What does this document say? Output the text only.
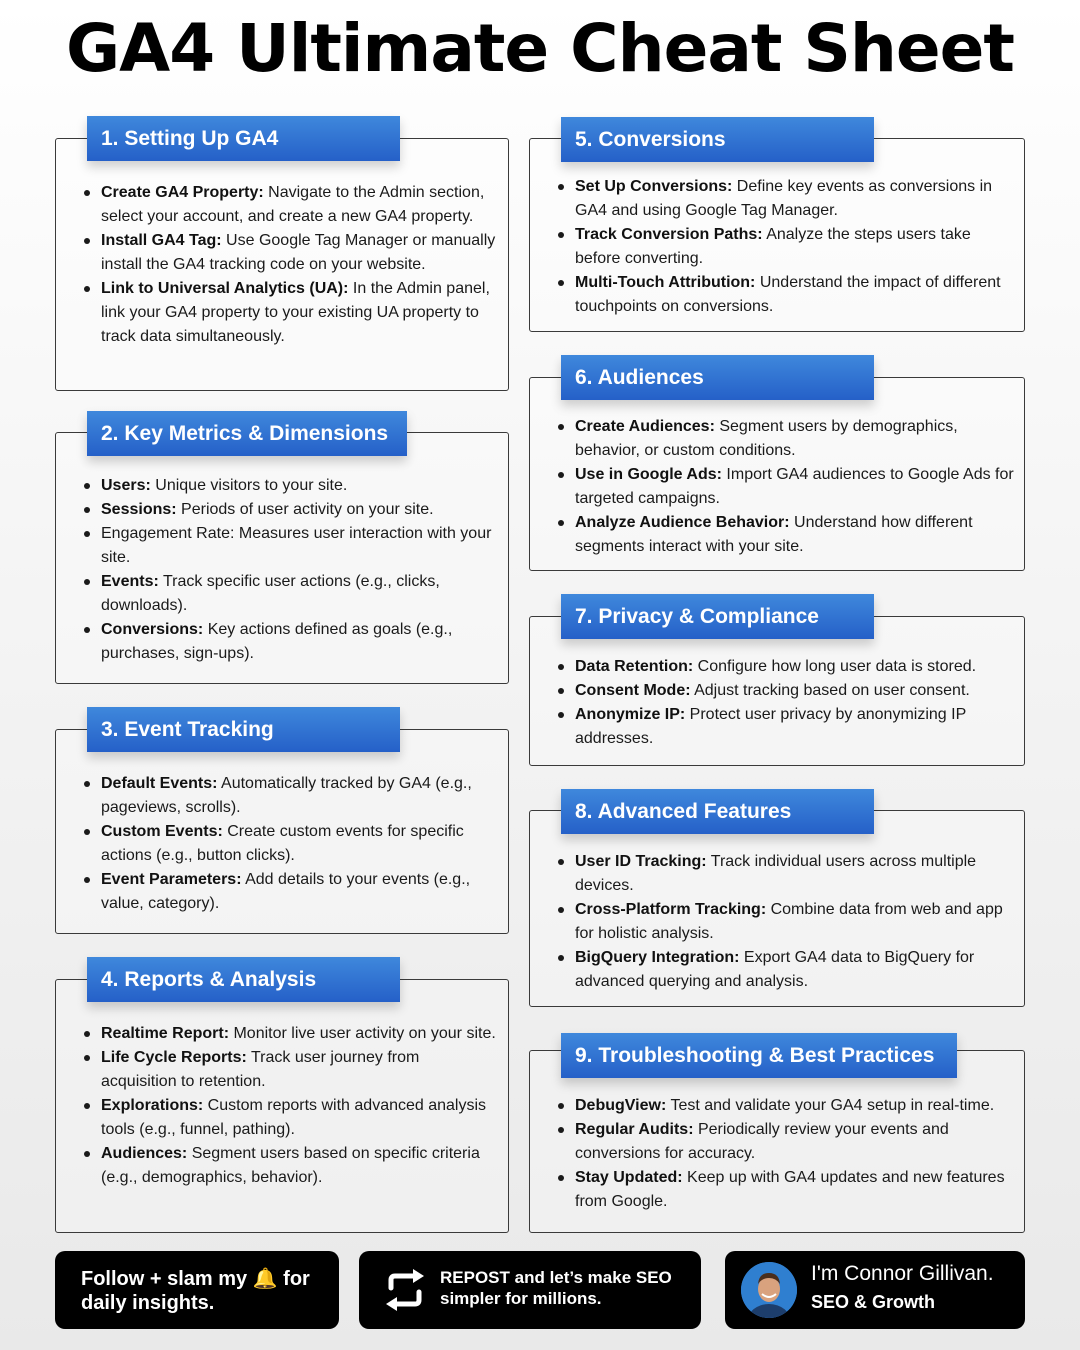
GA4 Ultimate Cheat Sheet
1. Setting Up GA4
Create GA4 Property: Navigate to the Admin section, select your account, and create a new GA4 property.
Install GA4 Tag: Use Google Tag Manager or manually install the GA4 tracking code on your website.
Link to Universal Analytics (UA): In the Admin panel, link your GA4 property to your existing UA property to track data simultaneously.
2. Key Metrics & Dimensions
Users: Unique visitors to your site.
Sessions: Periods of user activity on your site.
Engagement Rate: Measures user interaction with your site.
Events: Track specific user actions (e.g., clicks, downloads).
Conversions: Key actions defined as goals (e.g., purchases, sign-ups).
3. Event Tracking
Default Events: Automatically tracked by GA4 (e.g., pageviews, scrolls).
Custom Events: Create custom events for specific actions (e.g., button clicks).
Event Parameters: Add details to your events (e.g., value, category).
4. Reports & Analysis
Realtime Report: Monitor live user activity on your site.
Life Cycle Reports: Track user journey from acquisition to retention.
Explorations: Custom reports with advanced analysis tools (e.g., funnel, pathing).
Audiences: Segment users based on specific criteria (e.g., demographics, behavior).
5. Conversions
Set Up Conversions: Define key events as conversions in GA4 and using Google Tag Manager.
Track Conversion Paths: Analyze the steps users take before converting.
Multi-Touch Attribution: Understand the impact of different touchpoints on conversions.
6. Audiences
Create Audiences: Segment users by demographics, behavior, or custom conditions.
Use in Google Ads: Import GA4 audiences to Google Ads for targeted campaigns.
Analyze Audience Behavior: Understand how different segments interact with your site.
7. Privacy & Compliance
Data Retention: Configure how long user data is stored.
Consent Mode: Adjust tracking based on user consent.
Anonymize IP: Protect user privacy by anonymizing IP addresses.
8. Advanced Features
User ID Tracking: Track individual users across multiple devices.
Cross-Platform Tracking: Combine data from web and app for holistic analysis.
BigQuery Integration: Export GA4 data to BigQuery for advanced querying and analysis.
9. Troubleshooting & Best Practices
DebugView: Test and validate your GA4 setup in real-time.
Regular Audits: Periodically review your events and conversions for accuracy.
Stay Updated: Keep up with GA4 updates and new features from Google.
Follow + slam my 🔔 for
daily insights.
REPOST and let’s make SEO
simpler for millions.
I'm Connor Gillivan.
SEO & Growth
